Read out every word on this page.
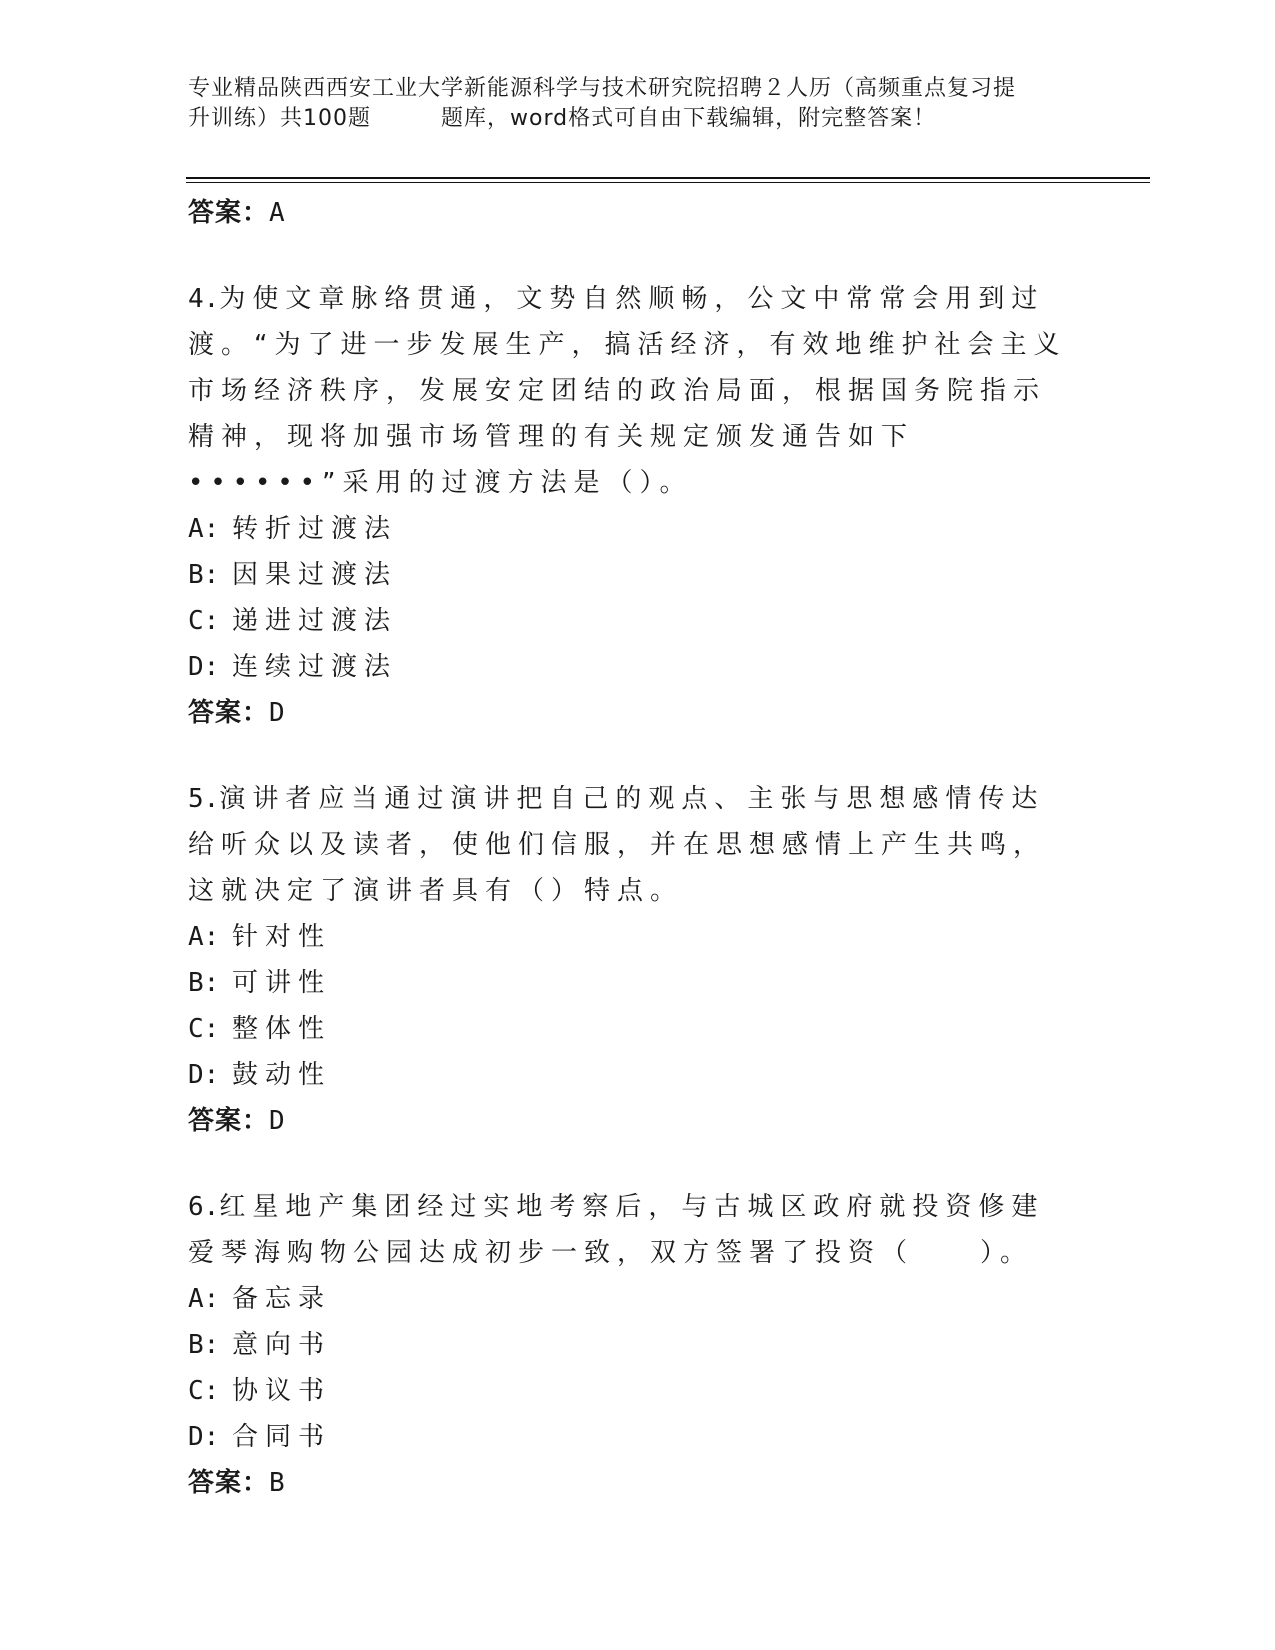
专业精品陕西西安工业大学新能源科学与技术研究院招聘２人历（高频重点复习提
升训练）共100题	题库，word格式可自由下载编辑，附完整答案！
答案：A
4.为使文章脉络贯通，文势自然顺畅，公文中常常会用到过渡。“为了进一步发展生产，搞活经济，有效地维护社会主义市场经济秩序，发展安定团结的政治局面，根据国务院指示精神，现将加强市场管理的有关规定颁发通告如下••••••”采用的过渡方法是（）。
A: 转折过渡法
B: 因果过渡法
C: 递进过渡法
D: 连续过渡法
答案：D
5.演讲者应当通过演讲把自己的观点、主张与思想感情传达给听众以及读者，使他们信服，并在思想感情上产生共鸣，这就决定了演讲者具有（）特点。
A: 针对性
B: 可讲性
C: 整体性
D: 鼓动性
答案：D
6.红星地产集团经过实地考察后，与古城区政府就投资修建爱琴海购物公园达成初步一致，双方签署了投资（　　）。
A: 备忘录
B: 意向书
C: 协议书
D: 合同书
答案：B
